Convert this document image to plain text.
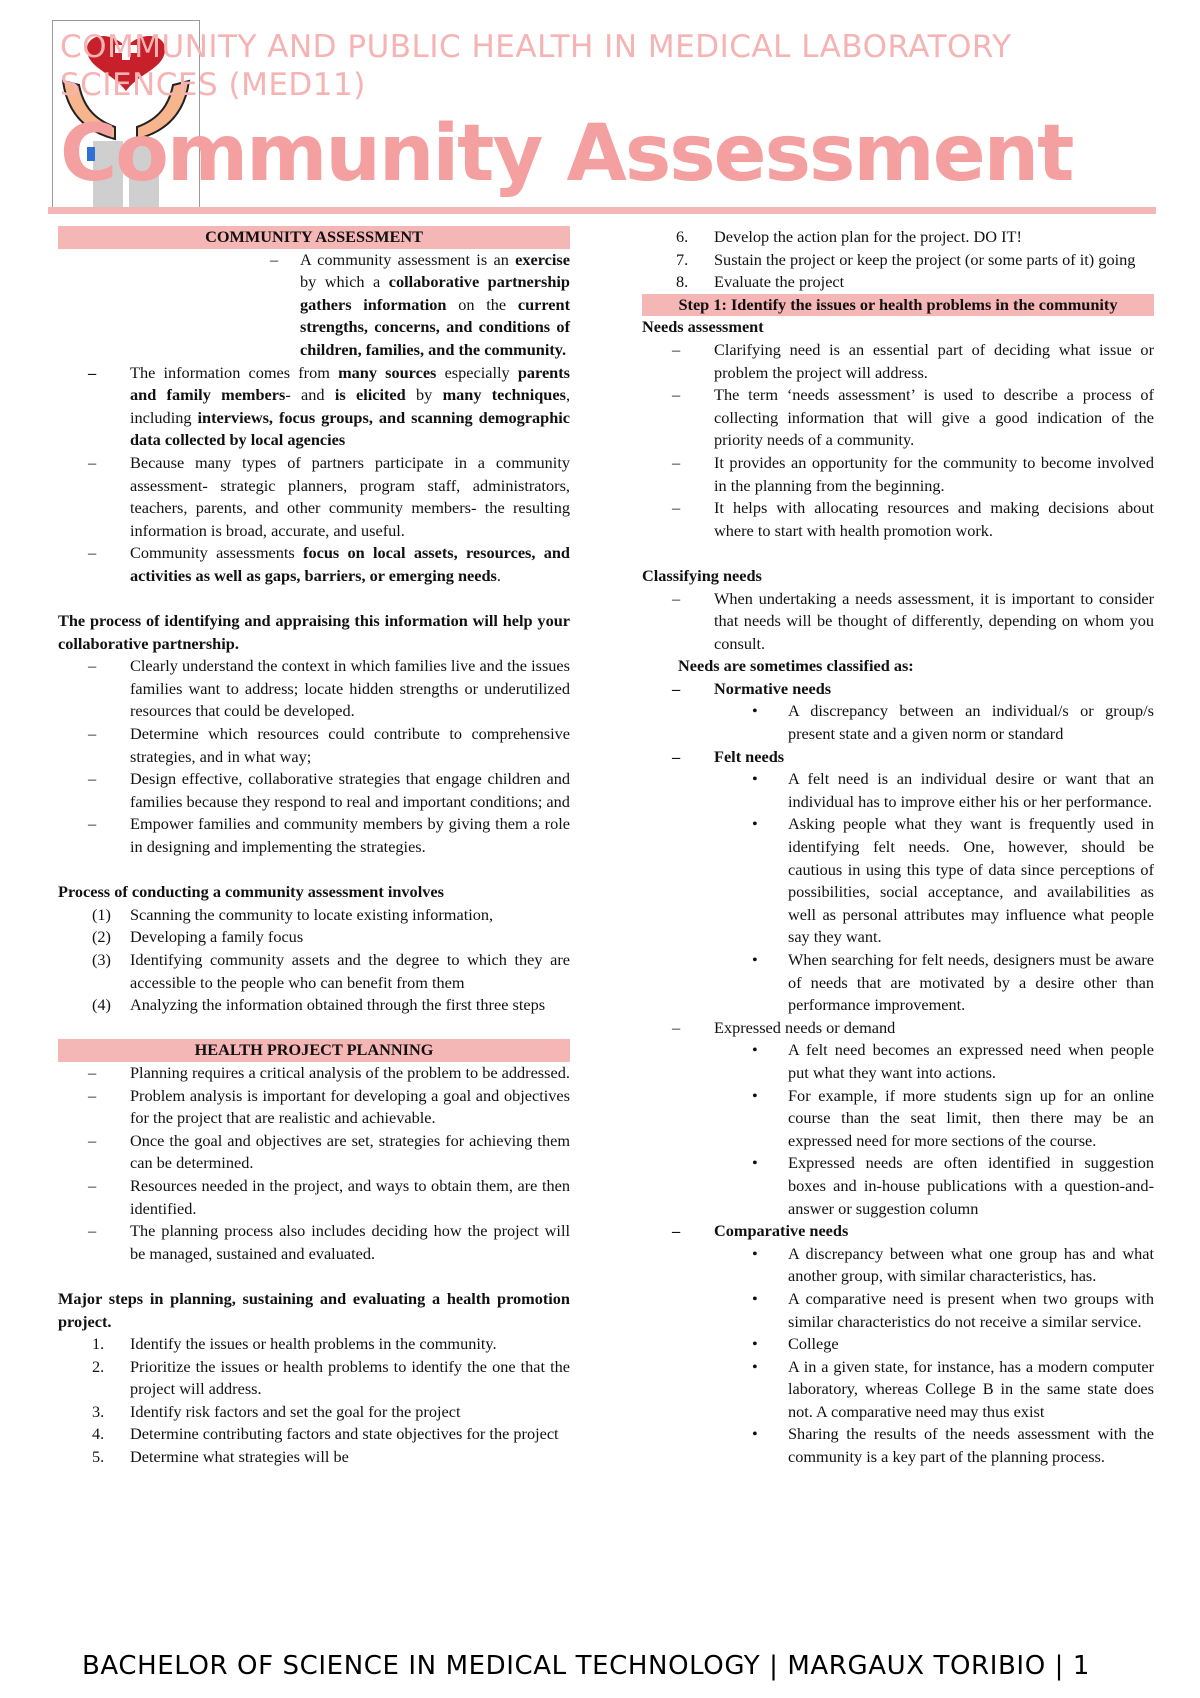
COMMUNITY AND PUBLIC HEALTH IN MEDICAL LABORATORY SCIENCES (MED11)
Community Assessment
COMMUNITY ASSESSMENT
– A community assessment is an exercise by which a collaborative partnership gathers information on the current strengths, concerns, and conditions of children, families, and the community.
– The information comes from many sources especially parents and family members- and is elicited by many techniques, including interviews, focus groups, and scanning demographic data collected by local agencies
– Because many types of partners participate in a community assessment- strategic planners, program staff, administrators, teachers, parents, and other community members- the resulting information is broad, accurate, and useful.
– Community assessments focus on local assets, resources, and activities as well as gaps, barriers, or emerging needs.
The process of identifying and appraising this information will help your collaborative partnership.
– Clearly understand the context in which families live and the issues families want to address; locate hidden strengths or underutilized resources that could be developed.
– Determine which resources could contribute to comprehensive strategies, and in what way;
– Design effective, collaborative strategies that engage children and families because they respond to real and important conditions; and
– Empower families and community members by giving them a role in designing and implementing the strategies.
Process of conducting a community assessment involves
(1) Scanning the community to locate existing information,
(2) Developing a family focus
(3) Identifying community assets and the degree to which they are accessible to the people who can benefit from them
(4) Analyzing the information obtained through the first three steps
HEALTH PROJECT PLANNING
– Planning requires a critical analysis of the problem to be addressed.
– Problem analysis is important for developing a goal and objectives for the project that are realistic and achievable.
– Once the goal and objectives are set, strategies for achieving them can be determined.
– Resources needed in the project, and ways to obtain them, are then identified.
– The planning process also includes deciding how the project will be managed, sustained and evaluated.
Major steps in planning, sustaining and evaluating a health promotion project.
1. Identify the issues or health problems in the community.
2. Prioritize the issues or health problems to identify the one that the project will address.
3. Identify risk factors and set the goal for the project
4. Determine contributing factors and state objectives for the project
5. Determine what strategies will be
6. Develop the action plan for the project. DO IT!
7. Sustain the project or keep the project (or some parts of it) going
8. Evaluate the project
Step 1: Identify the issues or health problems in the community
Needs assessment
– Clarifying need is an essential part of deciding what issue or problem the project will address.
– The term ‘needs assessment’ is used to describe a process of collecting information that will give a good indication of the priority needs of a community.
– It provides an opportunity for the community to become involved in the planning from the beginning.
– It helps with allocating resources and making decisions about where to start with health promotion work.
Classifying needs
– When undertaking a needs assessment, it is important to consider that needs will be thought of differently, depending on whom you consult.
Needs are sometimes classified as:
– Normative needs
• A discrepancy between an individual/s or group/s present state and a given norm or standard
– Felt needs
• A felt need is an individual desire or want that an individual has to improve either his or her performance.
• Asking people what they want is frequently used in identifying felt needs. One, however, should be cautious in using this type of data since perceptions of possibilities, social acceptance, and availabilities as well as personal attributes may influence what people say they want.
• When searching for felt needs, designers must be aware of needs that are motivated by a desire other than performance improvement.
– Expressed needs or demand
• A felt need becomes an expressed need when people put what they want into actions.
• For example, if more students sign up for an online course than the seat limit, then there may be an expressed need for more sections of the course.
• Expressed needs are often identified in suggestion boxes and in-house publications with a question-and-answer or suggestion column
– Comparative needs
• A discrepancy between what one group has and what another group, with similar characteristics, has.
• A comparative need is present when two groups with similar characteristics do not receive a similar service.
• College
• A in a given state, for instance, has a modern computer laboratory, whereas College B in the same state does not. A comparative need may thus exist
• Sharing the results of the needs assessment with the community is a key part of the planning process.
BACHELOR OF SCIENCE IN MEDICAL TECHNOLOGY | MARGAUX TORIBIO | 1
